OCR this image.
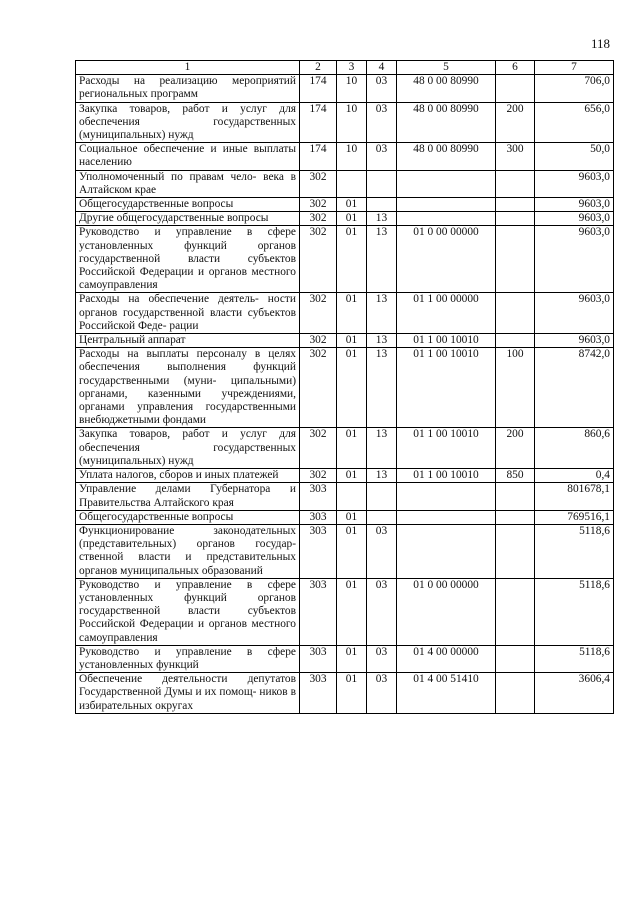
118
1	2	3	4	5	6	7
Расходы на реализацию мероприятий региональных программ	174	10	03	48 0 00 80990		706,0
Закупка товаров, работ и услуг для обеспечения государственных (муниципальных) нужд	174	10	03	48 0 00 80990	200	656,0
Социальное обеспечение и иные выплаты населению	174	10	03	48 0 00 80990	300	50,0
Уполномоченный по правам чело- века в Алтайском крае	302					9603,0
Общегосударственные вопросы	302	01				9603,0
Другие общегосударственные вопросы	302	01	13			9603,0
Руководство и управление в сфере установленных функций органов государственной власти субъектов Российской Федерации и органов местного самоуправления	302	01	13	01 0 00 00000		9603,0
Расходы на обеспечение деятель- ности органов государственной власти субъектов Российской Феде- рации	302	01	13	01 1 00 00000		9603,0
Центральный аппарат	302	01	13	01 1 00 10010		9603,0
Расходы на выплаты персоналу в целях обеспечения выполнения функций государственными (муни- ципальными) органами, казенными учреждениями, органами управления государственными внебюджетными фондами	302	01	13	01 1 00 10010	100	8742,0
Закупка товаров, работ и услуг для обеспечения государственных (муниципальных) нужд	302	01	13	01 1 00 10010	200	860,6
Уплата налогов, сборов и иных платежей	302	01	13	01 1 00 10010	850	0,4
Управление делами Губернатора и Правительства Алтайского края	303					801678,1
Общегосударственные вопросы	303	01				769516,1
Функционирование законодательных (представительных) органов государ- ственной власти и представительных органов муниципальных образований	303	01	03			5118,6
Руководство и управление в сфере установленных функций органов государственной власти субъектов Российской Федерации и органов местного самоуправления	303	01	03	01 0 00 00000		5118,6
Руководство и управление в сфере установленных функций	303	01	03	01 4 00 00000		5118,6
Обеспечение деятельности депутатов Государственной Думы и их помощ- ников в избирательных округах	303	01	03	01 4 00 51410		3606,4
